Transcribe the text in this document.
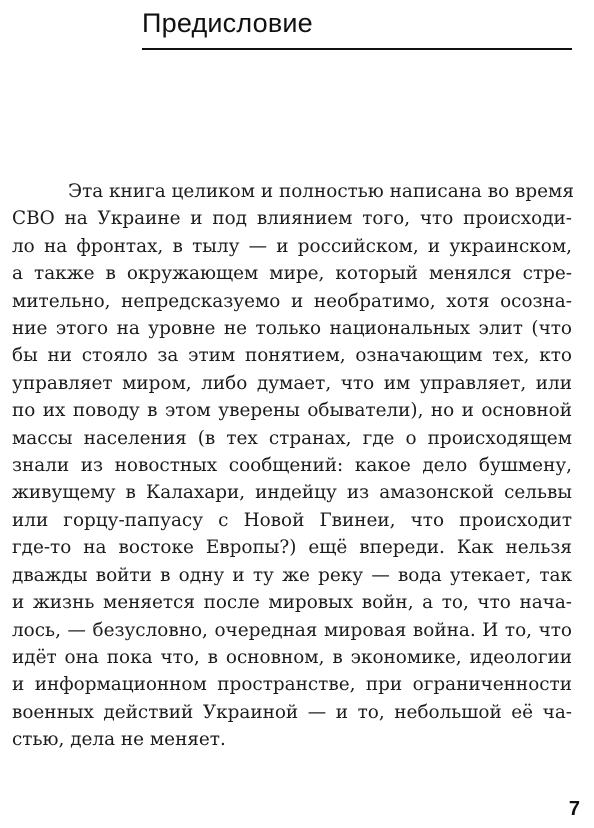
Предисловие
Эта книга целиком и полностью написана во время
СВО на Украине и под влиянием того, что происходи-
ло на фронтах, в тылу — и российском, и украинском,
а также в окружающем мире, который менялся стре-
мительно, непредсказуемо и необратимо, хотя осозна-
ние этого на уровне не только национальных элит (что
бы ни стояло за этим понятием, означающим тех, кто
управляет миром, либо думает, что им управляет, или
по их поводу в этом уверены обыватели), но и основной
массы населения (в тех странах, где о происходящем
знали из новостных сообщений: какое дело бушмену,
живущему в Калахари, индейцу из амазонской сельвы
или горцу-папуасу с Новой Гвинеи, что происходит
где-то на востоке Европы?) ещё впереди. Как нельзя
дважды войти в одну и ту же реку — вода утекает, так
и жизнь меняется после мировых войн, а то, что нача-
лось, — безусловно, очередная мировая война. И то, что
идёт она пока что, в основном, в экономике, идеологии
и информационном пространстве, при ограниченности
военных действий Украиной — и то, небольшой её ча-
стью, дела не меняет.
7
